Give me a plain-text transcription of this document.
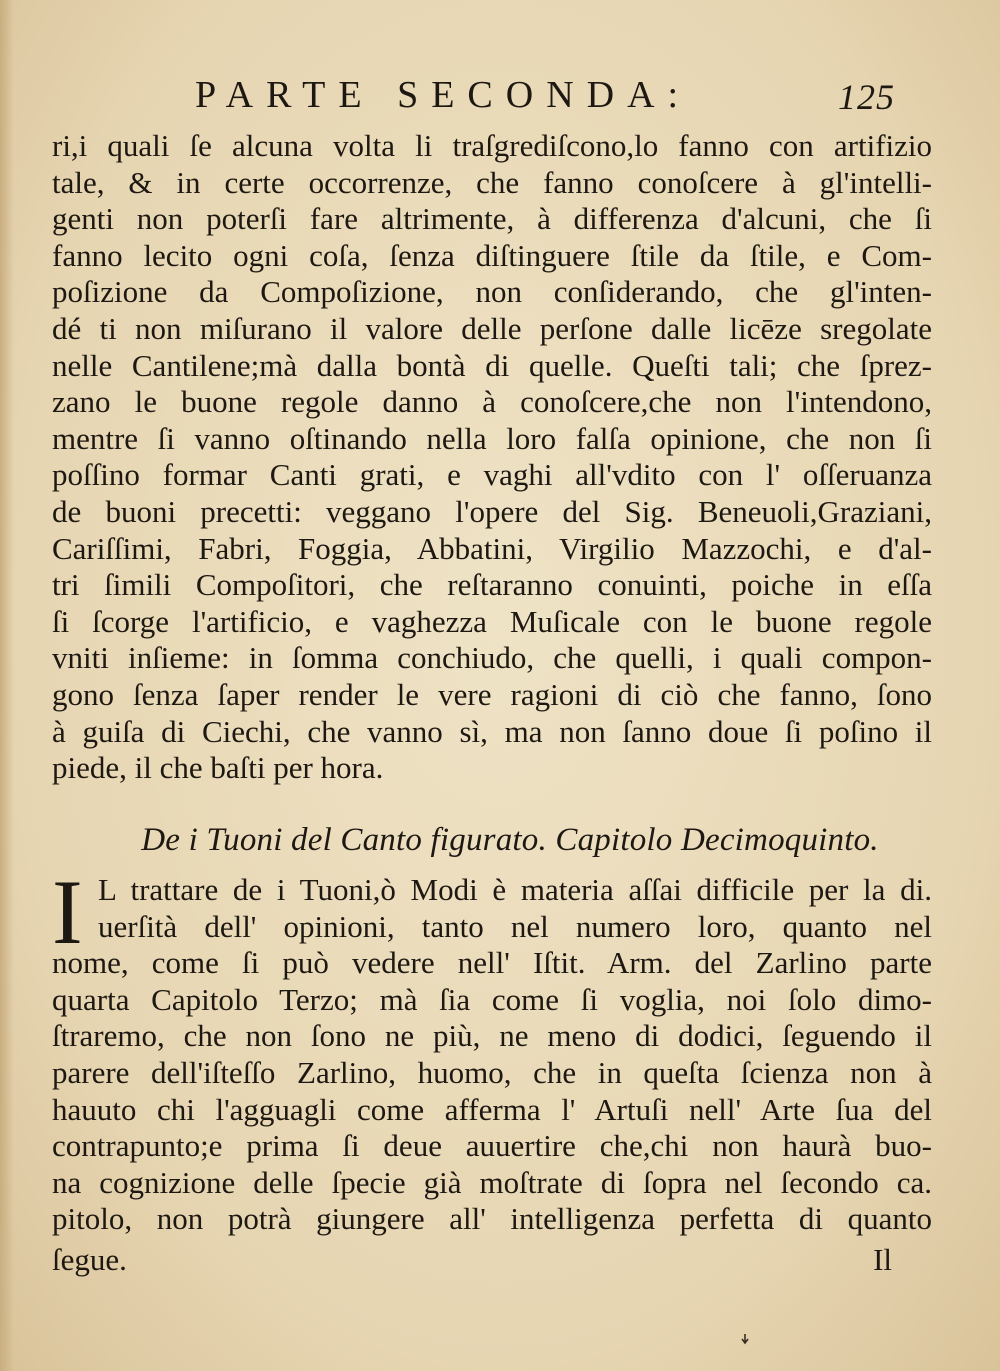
PARTE SECONDA:	125
ri,i quali ſe alcuna volta li traſgrediſcono,lo fanno con artifizio
tale, & in certe occorrenze, che fanno conoſcere à gl'intelli-
genti non poterſi fare altrimente, à differenza d'alcuni, che ſi
fanno lecito ogni coſa, ſenza diſtinguere ſtile da ſtile, e Com-
poſizione da Compoſizione, non conſiderando, che gl'inten-
dé ti non miſurano il valore delle perſone dalle licēze sregolate
nelle Cantilene;mà dalla bontà di quelle. Queſti tali; che ſprez-
zano le buone regole danno à conoſcere,che non l'intendono,
mentre ſi vanno oſtinando nella loro falſa opinione, che non ſi
poſſino formar Canti grati, e vaghi all'vdito con l' oſſeruanza
de buoni precetti: veggano l'opere del Sig. Beneuoli,Graziani,
Cariſſimi, Fabri, Foggia, Abbatini, Virgilio Mazzochi, e d'al-
tri ſimili Compoſitori, che reſtaranno conuinti, poiche in eſſa
ſi ſcorge l'artificio, e vaghezza Muſicale con le buone regole
vniti inſieme: in ſomma conchiudo, che quelli, i quali compon-
gono ſenza ſaper render le vere ragioni di ciò che fanno, ſono
à guiſa di Ciechi, che vanno sì, ma non ſanno doue ſi poſino il
piede, il che baſti per hora.
De i Tuoni del Canto figurato. Capitolo Decimoquinto.
I L trattare de i Tuoni,ò Modi è materia aſſai difficile per la di.
uerſità dell' opinioni, tanto nel numero loro, quanto nel
nome, come ſi può vedere nell' Iſtit. Arm. del Zarlino parte
quarta Capitolo Terzo; mà ſia come ſi voglia, noi ſolo dimo-
ſtraremo, che non ſono ne più, ne meno di dodici, ſeguendo il
parere dell'iſteſſo Zarlino, huomo, che in queſta ſcienza non à
hauuto chi l'agguagli come afferma l' Artuſi nell' Arte ſua del
contrapunto;e prima ſi deue auuertire che,chi non haurà buo-
na cognizione delle ſpecie già moſtrate di ſopra nel ſecondo ca.
pitolo, non potrà giungere all' intelligenza perfetta di quanto
ſegue.	Il
